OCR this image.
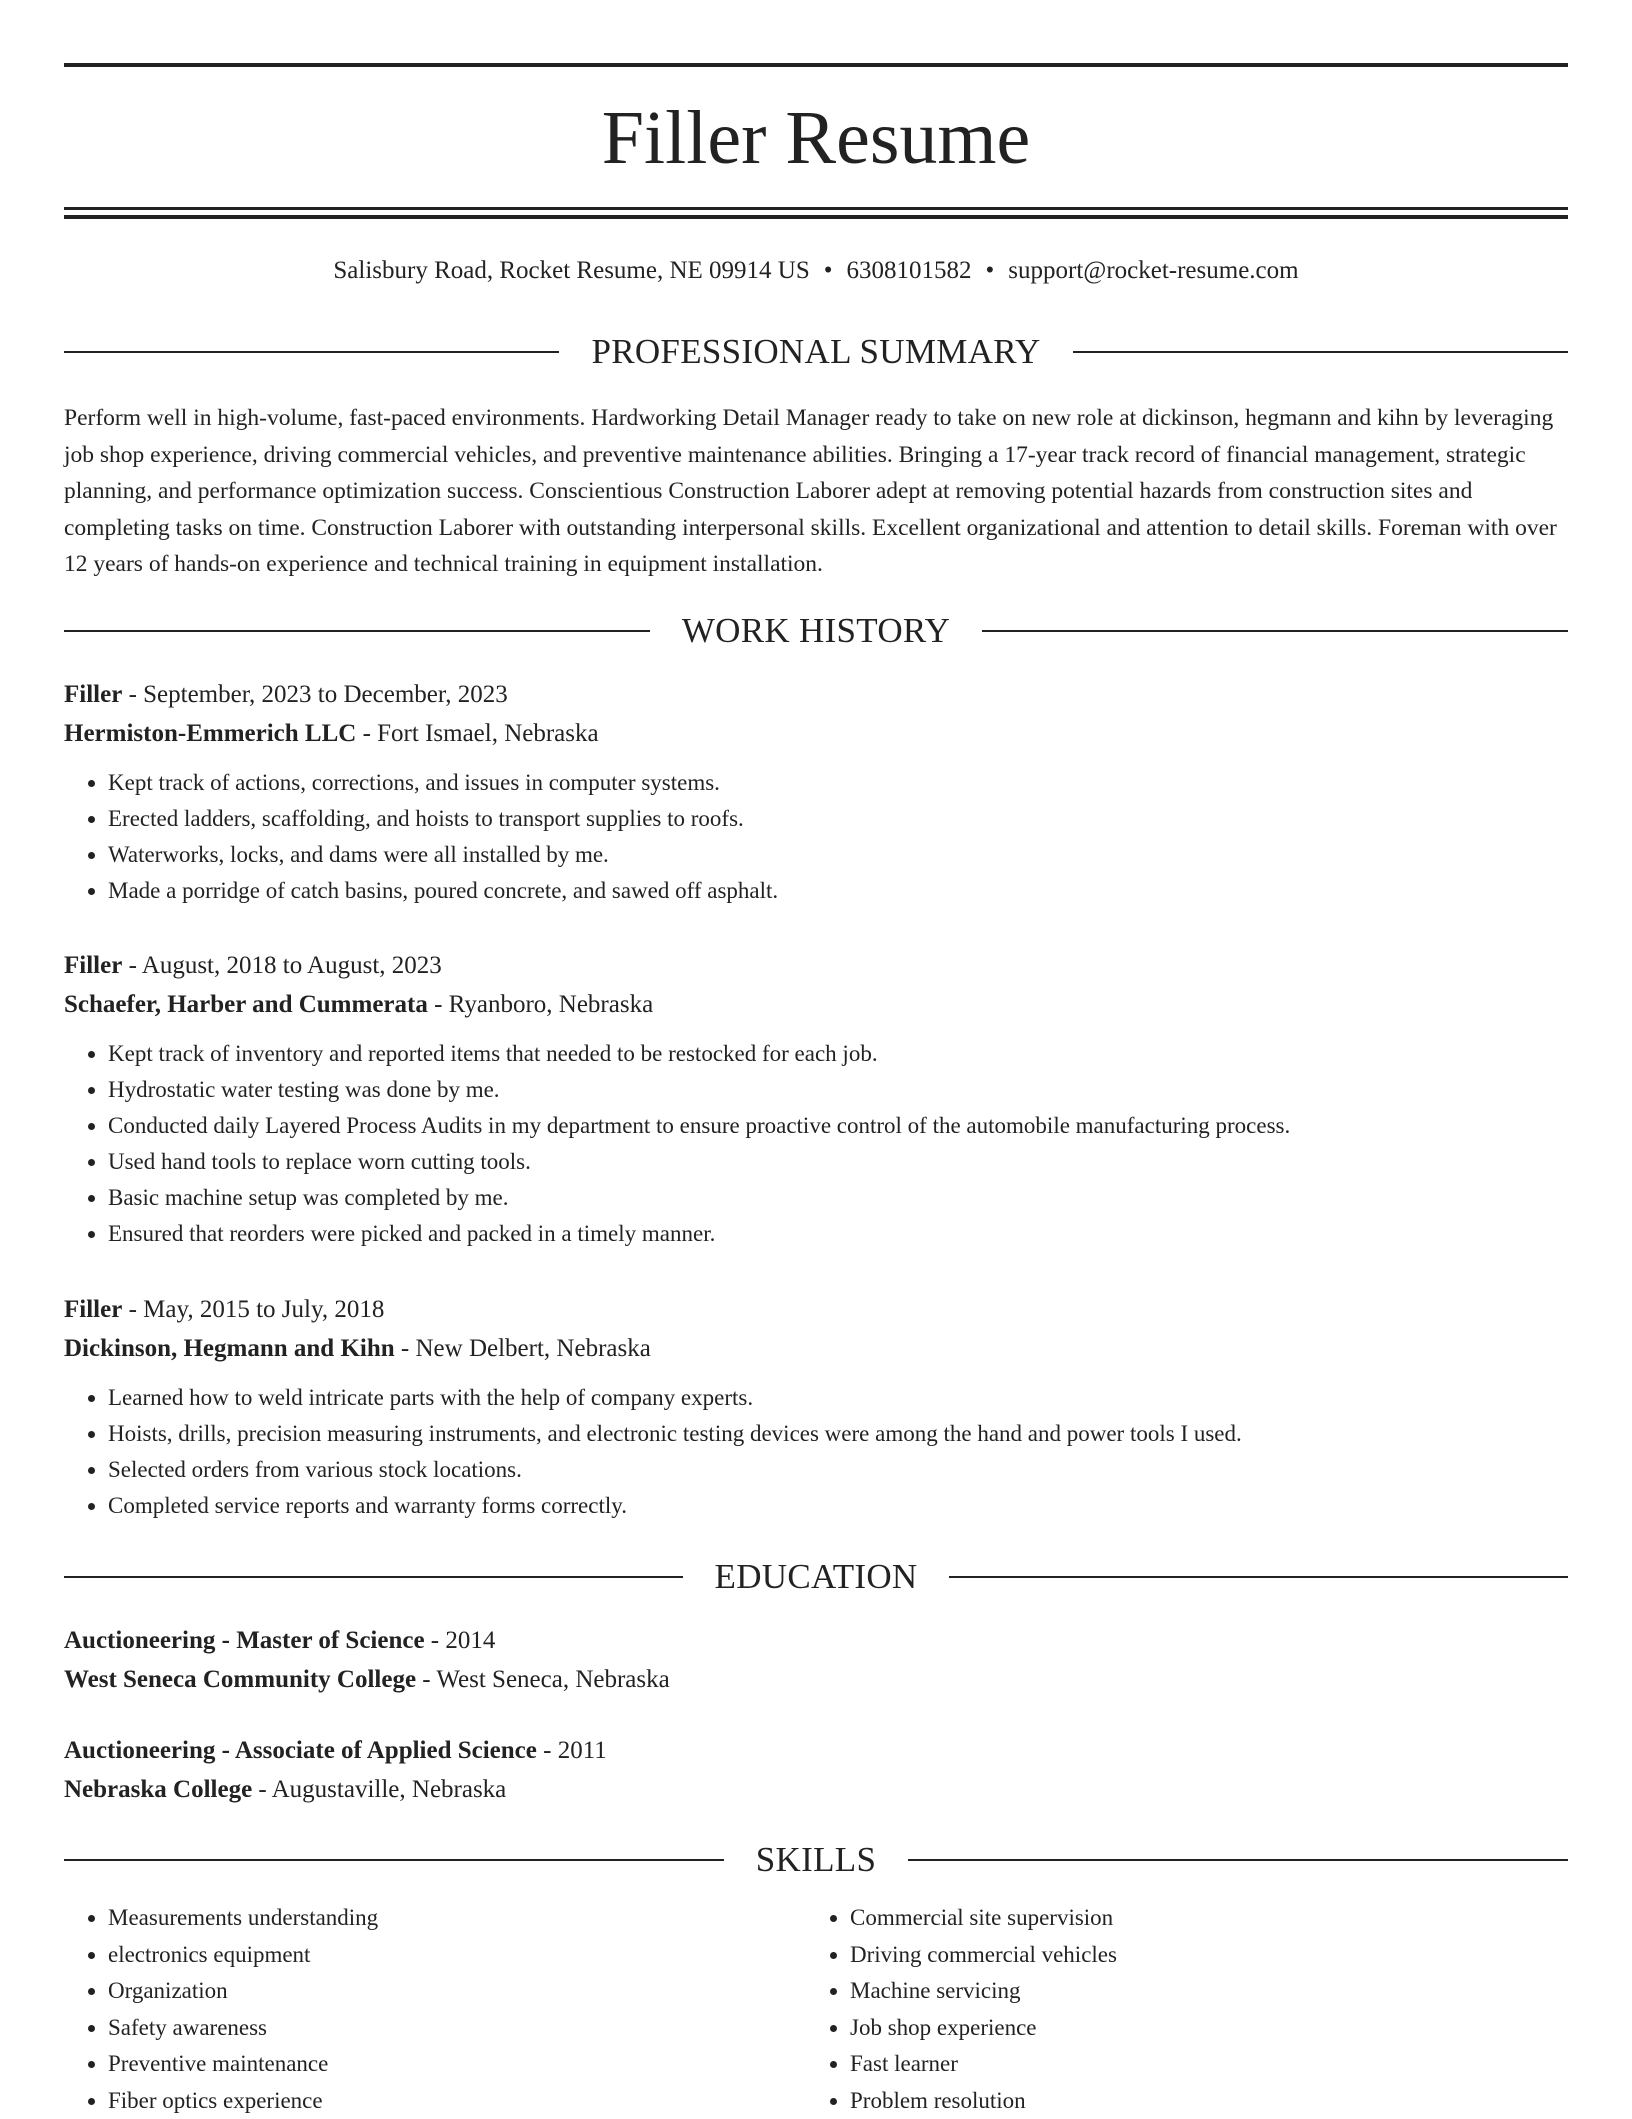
Filler Resume
Salisbury Road, Rocket Resume, NE 09914 US • 6308101582 • support@rocket-resume.com
PROFESSIONAL SUMMARY

Perform well in high-volume, fast-paced environments. Hardworking Detail Manager ready to take on new role at dickinson, hegmann and kihn by leveraging job shop experience, driving commercial vehicles, and preventive maintenance abilities. Bringing a 17-year track record of financial management, strategic planning, and performance optimization success. Conscientious Construction Laborer adept at removing potential hazards from construction sites and completing tasks on time. Construction Laborer with outstanding interpersonal skills. Excellent organizational and attention to detail skills. Foreman with over 12 years of hands-on experience and technical training in equipment installation.

WORK HISTORY
Filler - September, 2023 to December, 2023
Hermiston-Emmerich LLC - Fort Ismael, Nebraska
• Kept track of actions, corrections, and issues in computer systems.
• Erected ladders, scaffolding, and hoists to transport supplies to roofs.
• Waterworks, locks, and dams were all installed by me.
• Made a porridge of catch basins, poured concrete, and sawed off asphalt.
Filler - August, 2018 to August, 2023
Schaefer, Harber and Cummerata - Ryanboro, Nebraska
• Kept track of inventory and reported items that needed to be restocked for each job.
• Hydrostatic water testing was done by me.
• Conducted daily Layered Process Audits in my department to ensure proactive control of the automobile manufacturing process.
• Used hand tools to replace worn cutting tools.
• Basic machine setup was completed by me.
• Ensured that reorders were picked and packed in a timely manner.
Filler - May, 2015 to July, 2018
Dickinson, Hegmann and Kihn - New Delbert, Nebraska
• Learned how to weld intricate parts with the help of company experts.
• Hoists, drills, precision measuring instruments, and electronic testing devices were among the hand and power tools I used.
• Selected orders from various stock locations.
• Completed service reports and warranty forms correctly.
EDUCATION
Auctioneering - Master of Science - 2014
West Seneca Community College - West Seneca, Nebraska
Auctioneering - Associate of Applied Science - 2011
Nebraska College - Augustaville, Nebraska
SKILLS
• Measurements understanding
• electronics equipment
• Organization
• Safety awareness
• Preventive maintenance
• Fiber optics experience
• Commercial site supervision
• Driving commercial vehicles
• Machine servicing
• Job shop experience
• Fast learner
• Problem resolution
